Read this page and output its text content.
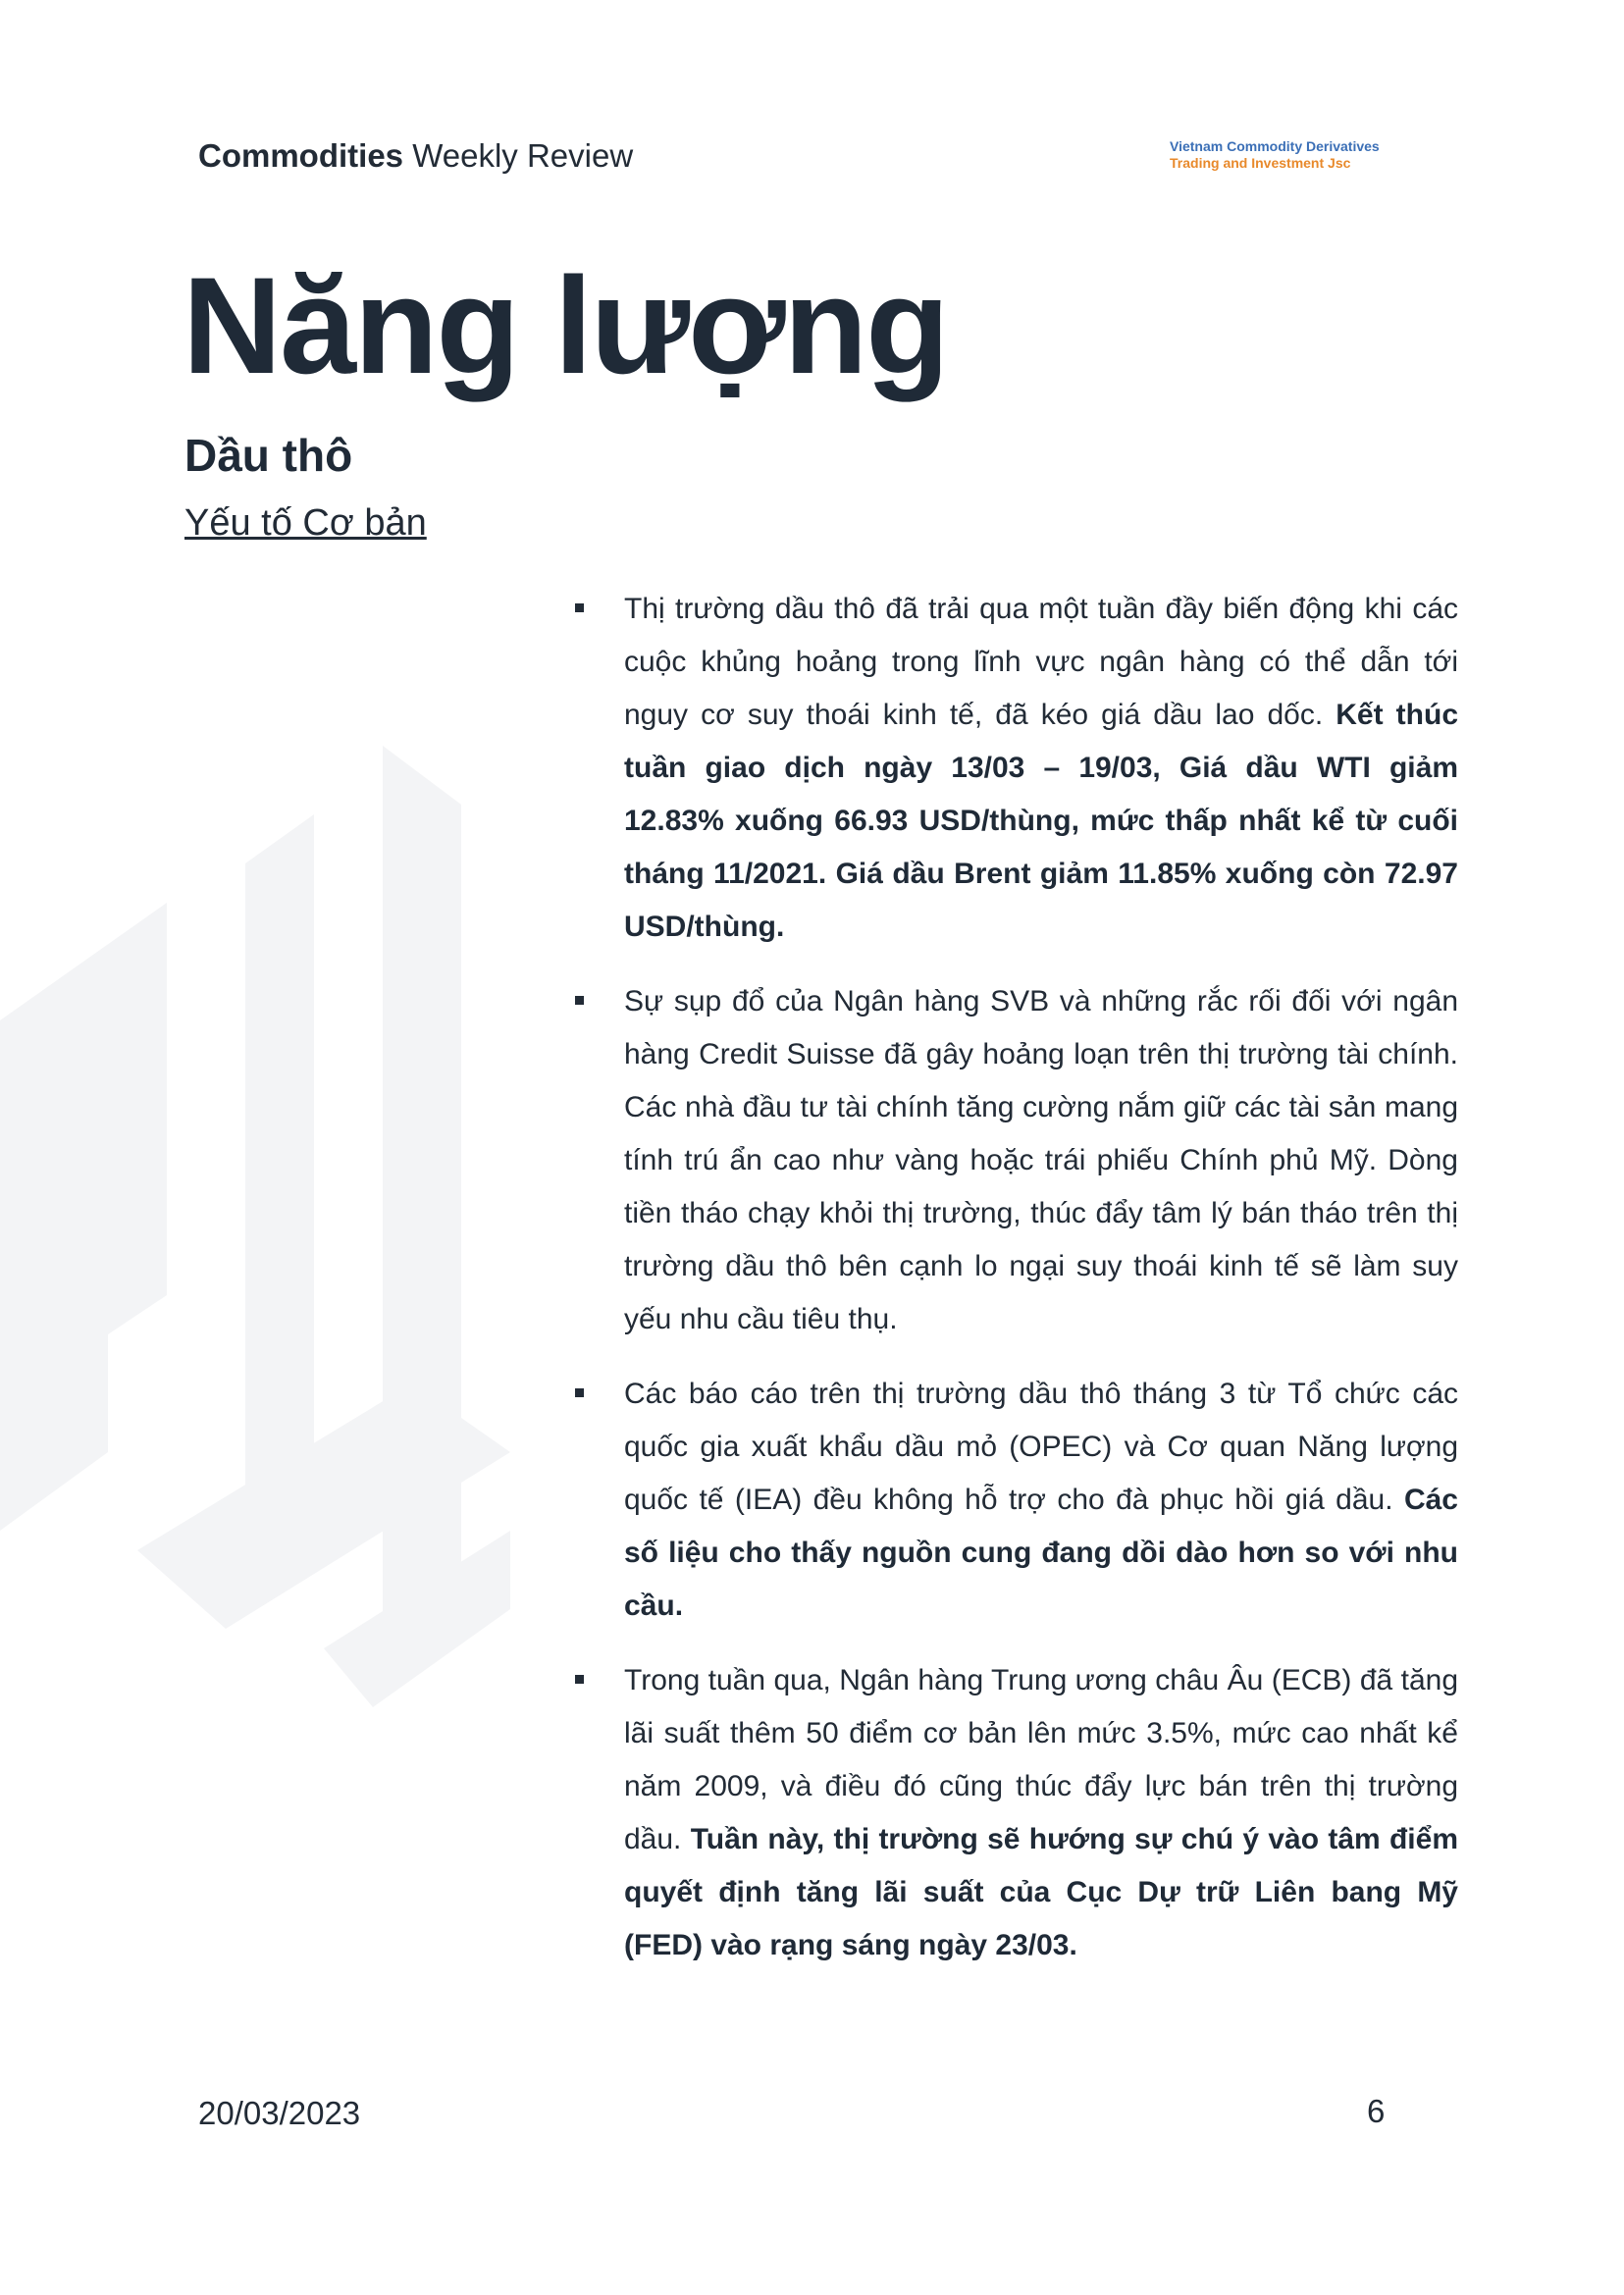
Commodities Weekly Review	Vietnam Commodity Derivatives
Trading and Investment Jsc
Năng lượng
Dầu thô
Yếu tố Cơ bản
Thị trường dầu thô đã trải qua một tuần đầy biến động khi các cuộc khủng hoảng trong lĩnh vực ngân hàng có thể dẫn tới nguy cơ suy thoái kinh tế, đã kéo giá dầu lao dốc. Kết thúc tuần giao dịch ngày 13/03 – 19/03, Giá dầu WTI giảm 12.83% xuống 66.93 USD/thùng, mức thấp nhất kể từ cuối tháng 11/2021. Giá dầu Brent giảm 11.85% xuống còn 72.97 USD/thùng.
Sự sụp đổ của Ngân hàng SVB và những rắc rối đối với ngân hàng Credit Suisse đã gây hoảng loạn trên thị trường tài chính. Các nhà đầu tư tài chính tăng cường nắm giữ các tài sản mang tính trú ẩn cao như vàng hoặc trái phiếu Chính phủ Mỹ. Dòng tiền tháo chạy khỏi thị trường, thúc đẩy tâm lý bán tháo trên thị trường dầu thô bên cạnh lo ngại suy thoái kinh tế sẽ làm suy yếu nhu cầu tiêu thụ.
Các báo cáo trên thị trường dầu thô tháng 3 từ Tổ chức các quốc gia xuất khẩu dầu mỏ (OPEC) và Cơ quan Năng lượng quốc tế (IEA) đều không hỗ trợ cho đà phục hồi giá dầu. Các số liệu cho thấy nguồn cung đang dồi dào hơn so với nhu cầu.
Trong tuần qua, Ngân hàng Trung ương châu Âu (ECB) đã tăng lãi suất thêm 50 điểm cơ bản lên mức 3.5%, mức cao nhất kể năm 2009, và điều đó cũng thúc đẩy lực bán trên thị trường dầu. Tuần này, thị trường sẽ hướng sự chú ý vào tâm điểm quyết định tăng lãi suất của Cục Dự trữ Liên bang Mỹ (FED) vào rạng sáng ngày 23/03.
20/03/2023	6
